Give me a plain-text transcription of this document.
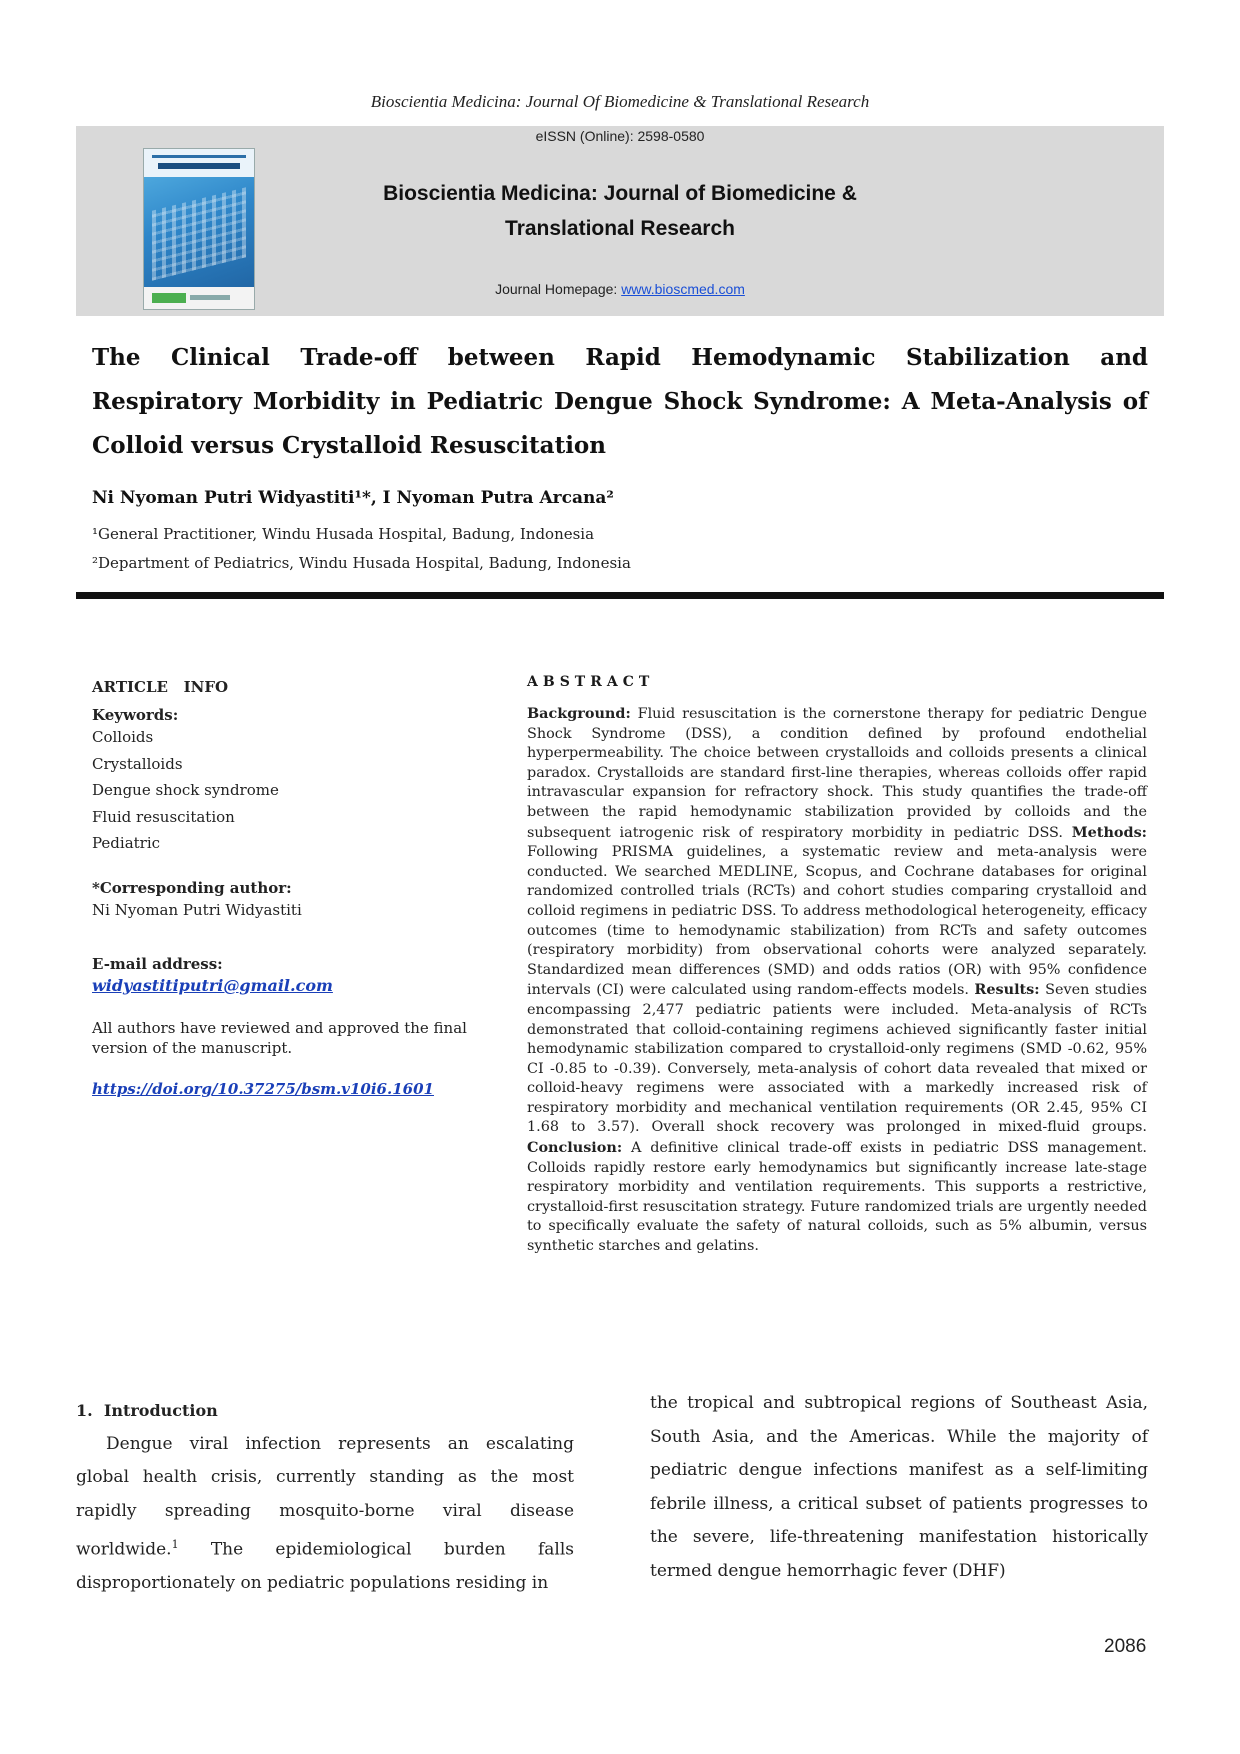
Bioscientia Medicina: Journal Of Biomedicine & Translational Research
eISSN (Online): 2598-0580
Bioscientia Medicina: Journal of Biomedicine &
Translational Research
Journal Homepage: www.bioscmed.com
The Clinical Trade-off between Rapid Hemodynamic Stabilization and Respiratory Morbidity in Pediatric Dengue Shock Syndrome: A Meta-Analysis of Colloid versus Crystalloid Resuscitation
Ni Nyoman Putri Widyastiti¹*, I Nyoman Putra Arcana²
¹General Practitioner, Windu Husada Hospital, Badung, Indonesia
²Department of Pediatrics, Windu Husada Hospital, Badung, Indonesia
ARTICLE   INFO
Keywords:
Colloids
Crystalloids
Dengue shock syndrome
Fluid resuscitation
Pediatric
*Corresponding author:
Ni Nyoman Putri Widyastiti
E-mail address:
widyastitiputri@gmail.com
All authors have reviewed and approved the final version of the manuscript.
https://doi.org/10.37275/bsm.v10i6.1601
ABSTRACT

Background: Fluid resuscitation is the cornerstone therapy for pediatric Dengue Shock Syndrome (DSS), a condition defined by profound endothelial hyperpermeability. The choice between crystalloids and colloids presents a clinical paradox. Crystalloids are standard first-line therapies, whereas colloids offer rapid intravascular expansion for refractory shock. This study quantifies the trade-off between the rapid hemodynamic stabilization provided by colloids and the subsequent iatrogenic risk of respiratory morbidity in pediatric DSS. Methods: Following PRISMA guidelines, a systematic review and meta-analysis were conducted. We searched MEDLINE, Scopus, and Cochrane databases for original randomized controlled trials (RCTs) and cohort studies comparing crystalloid and colloid regimens in pediatric DSS. To address methodological heterogeneity, efficacy outcomes (time to hemodynamic stabilization) from RCTs and safety outcomes (respiratory morbidity) from observational cohorts were analyzed separately. Standardized mean differences (SMD) and odds ratios (OR) with 95% confidence intervals (CI) were calculated using random-effects models. Results: Seven studies encompassing 2,477 pediatric patients were included. Meta-analysis of RCTs demonstrated that colloid-containing regimens achieved significantly faster initial hemodynamic stabilization compared to crystalloid-only regimens (SMD -0.62, 95% CI -0.85 to -0.39). Conversely, meta-analysis of cohort data revealed that mixed or colloid-heavy regimens were associated with a markedly increased risk of respiratory morbidity and mechanical ventilation requirements (OR 2.45, 95% CI 1.68 to 3.57). Overall shock recovery was prolonged in mixed-fluid groups. Conclusion: A definitive clinical trade-off exists in pediatric DSS management. Colloids rapidly restore early hemodynamics but significantly increase late-stage respiratory morbidity and ventilation requirements. This supports a restrictive, crystalloid-first resuscitation strategy. Future randomized trials are urgently needed to specifically evaluate the safety of natural colloids, such as 5% albumin, versus synthetic starches and gelatins.

1.  Introduction
Dengue viral infection represents an escalating global health crisis, currently standing as the most rapidly spreading mosquito-borne viral disease worldwide.$^1$ The epidemiological burden falls disproportionately on pediatric populations residing in
the tropical and subtropical regions of Southeast Asia, South Asia, and the Americas. While the majority of pediatric dengue infections manifest as a self-limiting febrile illness, a critical subset of patients progresses to the severe, life-threatening manifestation historically termed dengue hemorrhagic fever (DHF)
2086
